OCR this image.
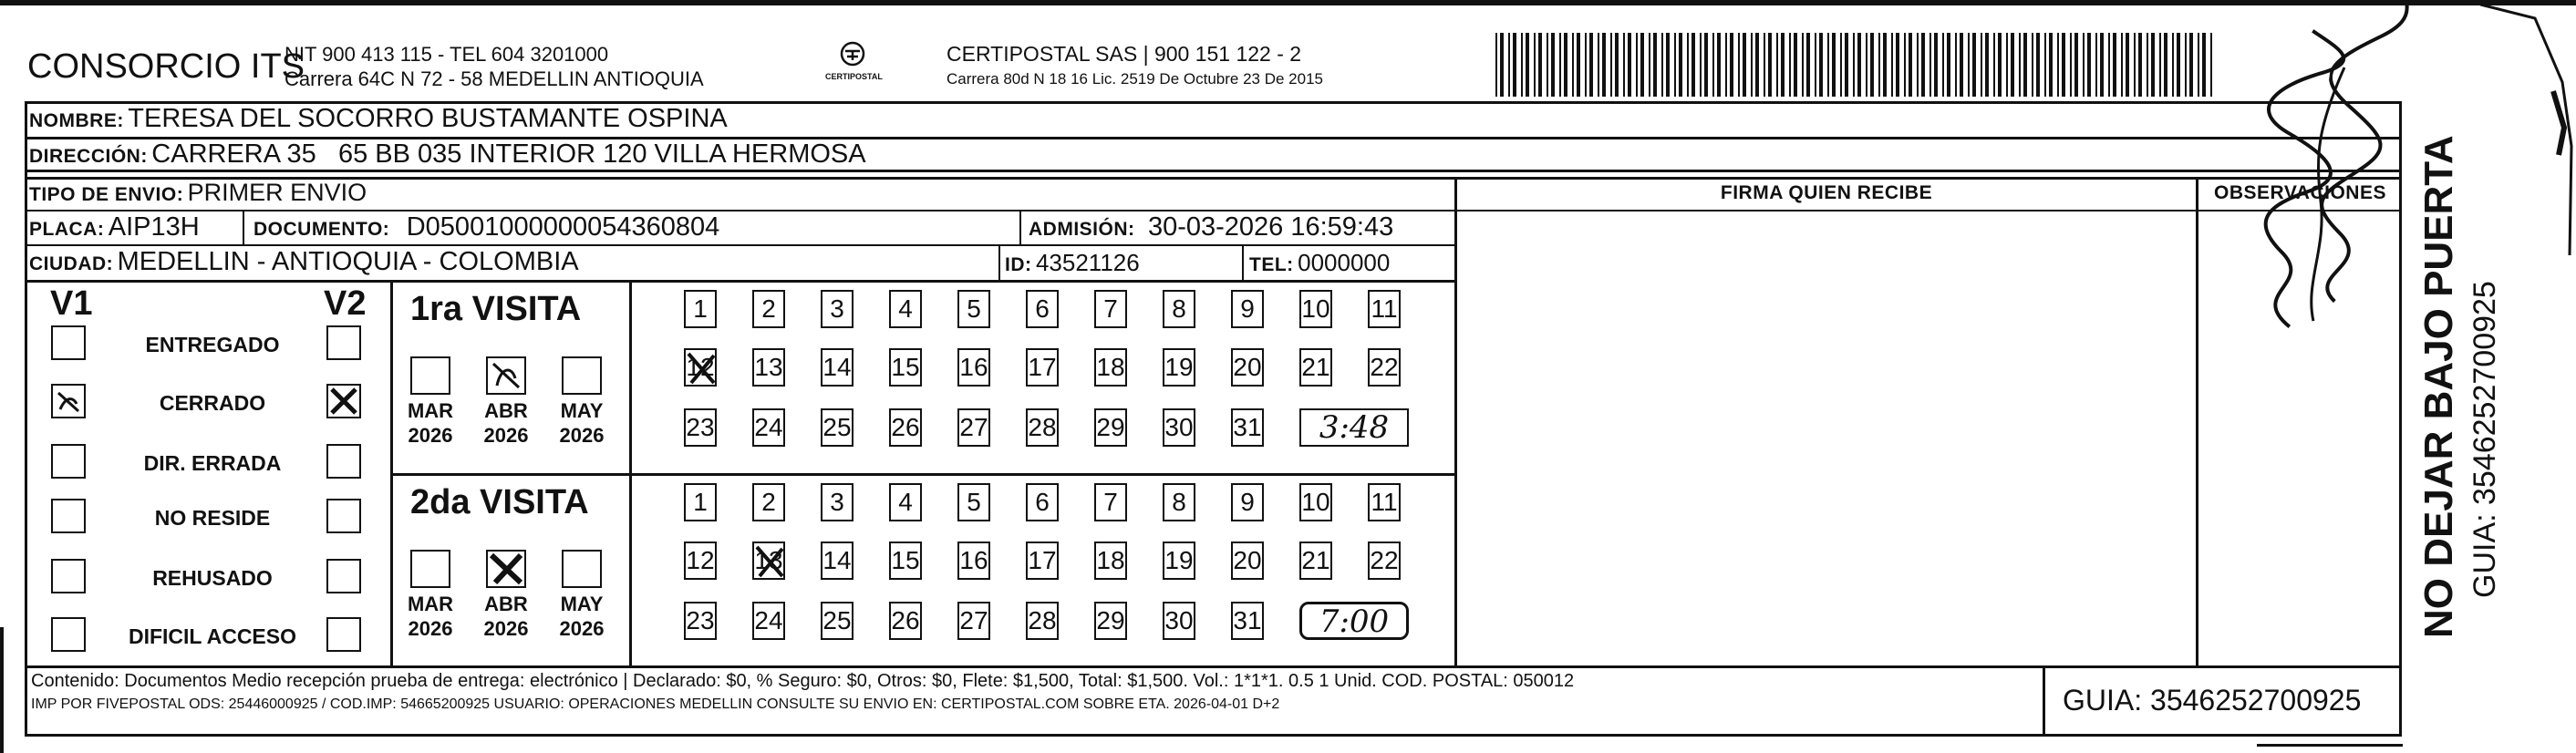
CONSORCIO ITS
NIT 900 413 115 - TEL 604 3201000
Carrera 64C N 72 - 58 MEDELLIN ANTIOQUIA	CERTIPOSTAL
CERTIPOSTAL SAS | 900 151 122 - 2
Carrera 80d N 18 16 Lic. 2519 De Octubre 23 De 2015
NOMBRE: TERESA DEL SOCORRO BUSTAMANTE OSPINA
DIRECCIÓN: CARRERA 35   65 BB 035 INTERIOR 120 VILLA HERMOSA
TIPO DE ENVIO: PRIMER ENVIO
PLACA: AIP13H	DOCUMENTO: D05001000000054360804	ADMISIÓN: 30-03-2026 16:59:43
CIUDAD: MEDELLIN - ANTIOQUIA - COLOMBIA	ID: 43521126	TEL: 0000000
FIRMA QUIEN RECIBE	OBSERVACIONES
V1	V2
ENTREGADO
CERRADO
DIR. ERRADA
NO RESIDE
REHUSADO
DIFICIL ACCESO
1ra VISITA
MAR
2026
ABR
2026
MAY
2026
1	2	3	4	5	6	7	8	9	10 11
12 13 14 15 16 17 18 19 20 21 22
23 24 25 26 27 28 29 30 31	3:48
2da VISITA
MAR
2026
ABR
2026
MAY
2026
1	2	3	4	5	6	7	8	9	10 11
12 13 14 15 16 17 18 19 20 21 22
23 24 25 26 27 28 29 30 31	7:00
Contenido: Documentos Medio recepción prueba de entrega: electrónico | Declarado: $0, % Seguro: $0, Otros: $0, Flete: $1,500, Total: $1,500. Vol.: 1*1*1. 0.5 1 Unid. COD. POSTAL: 050012
IMP POR FIVEPOSTAL ODS: 25446000925 / COD.IMP: 54665200925 USUARIO: OPERACIONES MEDELLIN CONSULTE SU ENVIO EN: CERTIPOSTAL.COM SOBRE ETA. 2026-04-01 D+2	GUIA: 3546252700925
NO DEJAR BAJO PUERTA GUIA: 3546252700925
